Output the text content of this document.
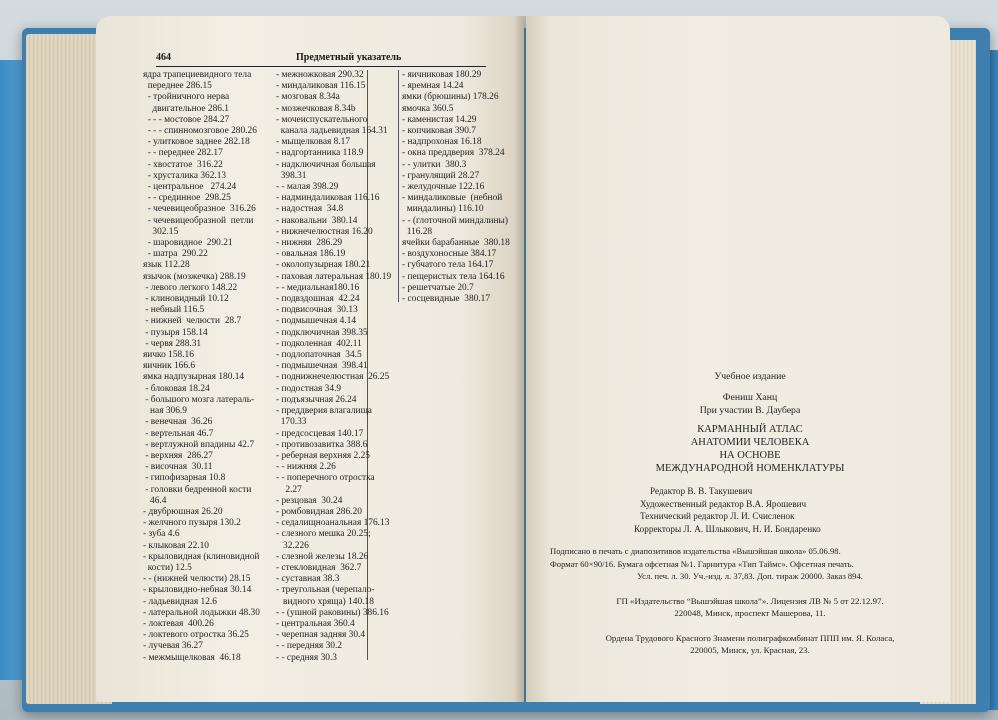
464	Предметный указатель
ядра трапециевидного тела
переднее 286.15
- тройничного нерва
двигательное 286.1
- - - мостовое 284.27
- - - спинномозговое 280.26
- улитковое заднее 282.18
- - переднее 282.17
- хвостатое  316.22
- хрусталика 362.13
- центральное   274.24
- - срединное  298.25
- чечевицеобразное  316.26
- чечевицеобразной  петли
302.15
- шаровидное  290.21
- шатра  290.22
язык 112.28
язычок (мозжечка) 288.19
- левого легкого 148.22
- клиновидный 10.12
- небный 116.5
- нижней  челюсти  28.7
- пузыря 158.14
- червя 288.31
яичко 158.16
яичник 166.6
ямка надпузырная 180.14
- блоковая 18.24
- большого мозга латераль-
ная 306.9
- венечная  36.26
- вертельная 46.7
- вертлужной впадины 42.7
- верхняя  286.27
- височная  30.11
- гипофизарная 10.8
- головки бедренной кости
46.4
- двубрюшная 26.20
- желчного пузыря 130.2
- зуба 4.6
- клыковая 22.10
- крыловидная (клиновидной
кости) 12.5
- - (нижней челюсти) 28.15
- крыловидно-небная 30.14
- ладьевидная 12.6
- латеральной лодыжки 48.30
- локтевая  400.26
- локтевого отростка 36.25
- лучевая 36.27
- межмыщелковая  46.18
- межножковая 290.32
- миндаликовая 116.15
- мозговая 8.34а
- мозжечковая 8.34b
- мочеиспускательного
канала ладьевидная 164.31
- мыщелковая 8.17
- надгортанника 118.9
- надключичная большая
398.31
- - малая 398.29
- надминдаликовая 116.16
- надостная  34.8
- наковальни  380.14
- нижнечелюстная 16.20
- нижняя  286.29
- овальная 186.19
- околопузырная 180.21
- паховая латеральная 180.19
- - медиальная180.16
- подвздошная  42.24
- подвисочная  30.13
- подмышечная 4.14
- подключичная 398.35
- подколенная  402.11
- подлопаточная  34.5
- подмышечная  398.41
- поднижнечелюстная  26.25
- подостная 34.9
- подъязычная 26.24
- преддверия влагалища
170.33
- предсосцевая 140.17
- противозавитка 388.6
- реберная верхняя 2.25
- - нижняя 2.26
- - поперечного отростка
2.27
- резцовая  30.24
- ромбовидная 286.20
- седалищноанальная 176.13
- слезного мешка 20.25;
32.226
- слезной железы 18.26
- стекловидная  362.7
- суставная 38.3
- треугольная (черепало-
видного хряща) 140.18
- - (ушной раковины) 386.16
- центральная 360.4
- черепная задняя 30.4
- - передняя 30.2
- - средняя 30.3
- яичниковая 180.29
- яремная 14.24
ямки (брюшины) 178.26
ямочка 360.5
- каменистая 14.29
- копчиковая 390.7
- надпрохоная 16.18
- окна преддверия  378.24
- - улитки  380.3
- гранулящий 28.27
- желудочные 122.16
- миндаликовые  (небной
миндалины) 116.10
- - (глоточной миндалины)
116.28
ячейки барабанные  380.18
- воздухоносные 384.17
- губчатого тела 164.17
- пещеристых тела 164.16
- решетчатые 20.7
- сосцевидные  380.17
Учебное издание
Фениш Ханц
При участии В. Даубера
КАРМАННЫЙ АТЛАС
АНАТОМИИ ЧЕЛОВЕКА
НА ОСНОВЕ
МЕЖДУНАРОДНОЙ НОМЕНКЛАТУРЫ
Редактор В. В. Такушевич
Художественный редактор В.А. Ярошевич
Технический редактор Л. И. Счисленок
Корректоры Л. А. Шлыкович, Н. И. Бондаренко
Подписано в печать с диапозитивов издательства «Вышэйшая школа» 05.06.98.
Формат 60×90/16. Бумага офсетная №1. Гарнитура «Тип Таймс». Офсетная печать.
Усл. печ. л. 30. Уч.-изд. л. 37,83. Доп. тираж 20000. Заказ 894.
ГП «Издательство “Вышэйшая школа”». Лицензия ЛВ № 5 от 22.12.97.
220048, Минск, проспект Машерова, 11.
Ордена Трудового Красного Знамени полиграфкомбинат ППП им. Я. Коласа,
220005, Минск, ул. Красная, 23.
